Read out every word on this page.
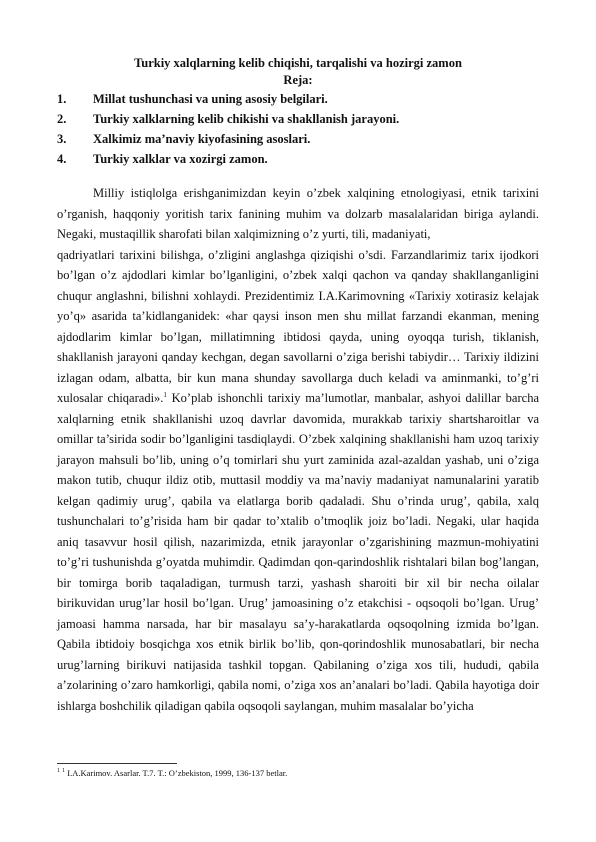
Turkiy xalqlarning kelib chiqishi, tarqalishi va hozirgi zamon

Reja:

1. Millat tushunchasi va uning asosiy belgilari.
2. Turkiy xalklarning kelib chikishi va shakllanish jarayoni.
3. Xalkimiz ma’naviy kiyofasining asoslari.
4. Turkiy xalklar va xozirgi zamon.

Milliy istiqlolga erishganimizdan keyin o’zbek xalqining etnologiyasi, etnik tarixini o’rganish, haqqoniy yoritish tarix fanining muhim va dolzarb masalalaridan biriga aylandi. Negaki, mustaqillik sharofati bilan xalqimizning o’z yurti, tili, madaniyati,

qadriyatlari tarixini bilishga, o’zligini anglashga qiziqishi o’sdi. Farzandlarimiz tarix ijodkori bo’lgan o’z ajdodlari kimlar bo’lganligini, o’zbek xalqi qachon va qanday shakllanganligini chuqur anglashni, bilishni xohlaydi. Prezidentimiz I.A.Karimovning «Tarixiy xotirasiz kelajak yo’q» asarida ta’kidlanganidek: «har qaysi inson men shu millat farzandi ekanman, mening ajdodlarim kimlar bo’lgan, millatimning ibtidosi qayda, uning oyoqqa turish, tiklanish, shakllanish jarayoni qanday kechgan, degan savollarni o’ziga berishi tabiydir… Tarixiy ildizini izlagan odam, albatta, bir kun mana shunday savollarga duch keladi va aminmanki, to’g’ri xulosalar chiqaradi».$^1$ Ko’plab ishonchli tarixiy ma’lumotlar, manbalar, ashyoi dalillar barcha xalqlarning etnik shakllanishi uzoq davrlar davomida, murakkab tarixiy shartsharoitlar va omillar ta’sirida sodir bo’lganligini tasdiqlaydi. O’zbek xalqining shakllanishi ham uzoq tarixiy jarayon mahsuli bo’lib, uning o’q tomirlari shu yurt zaminida azal-azaldan yashab, uni o’ziga makon tutib, chuqur ildiz otib, muttasil moddiy va ma’naviy madaniyat namunalarini yaratib kelgan qadimiy urug’, qabila va elatlarga borib qadaladi. Shu o’rinda urug’, qabila, xalq tushunchalari to’g’risida ham bir qadar to’xtalib o’tmoqlik joiz bo’ladi. Negaki, ular haqida aniq tasavvur hosil qilish, nazarimizda, etnik jarayonlar o’zgarishining mazmun-mohiyatini to’g’ri tushunishda g’oyatda muhimdir. Qadimdan qon-qarindoshlik rishtalari bilan bog’langan, bir tomirga borib taqaladigan, turmush tarzi, yashash sharoiti bir xil bir necha oilalar birikuvidan urug’lar hosil bo’lgan. Urug’ jamoasining o’z etakchisi - oqsoqoli bo’lgan. Urug’ jamoasi hamma narsada, har bir masalayu sa’y-harakatlarda oqsoqolning izmida bo’lgan. Qabila ibtidoiy bosqichga xos etnik birlik bo’lib, qon-qorindoshlik munosabatlari, bir necha urug’larning birikuvi natijasida tashkil topgan. Qabilaning o’ziga xos tili, hududi, qabila a’zolarining o’zaro hamkorligi, qabila nomi, o’ziga xos an’analari bo’ladi. Qabila hayotiga doir ishlarga boshchilik qiladigan qabila oqsoqoli saylangan, muhim masalalar bo’yicha

$^1$ $^1$ I.A.Karimov. Asarlar. T.7. T.: O’zbekiston, 1999, 136-137 betlar.
